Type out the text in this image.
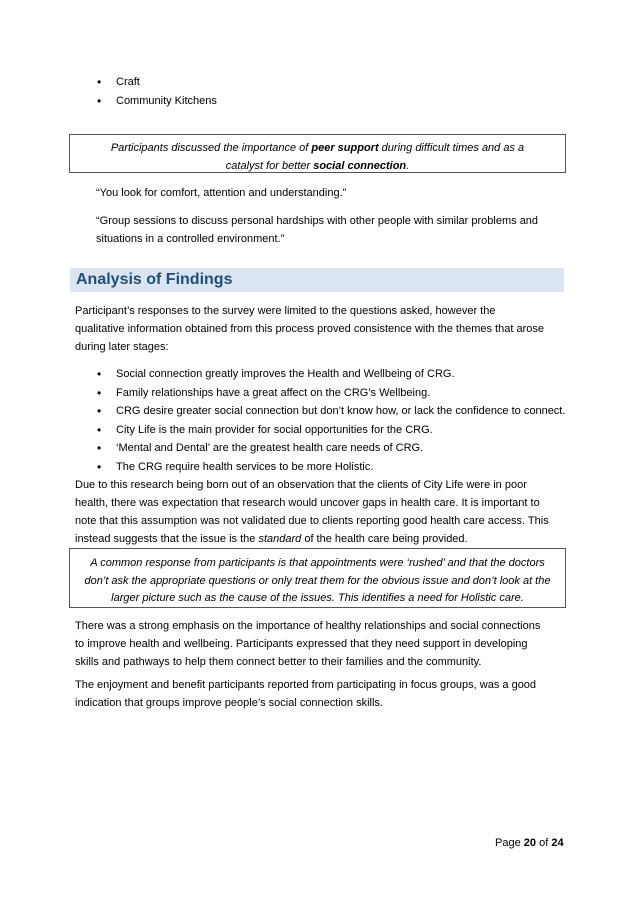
• Craft
• Community Kitchens
Participants discussed the importance of peer support during difficult times and as a catalyst for better social connection.

“You look for comfort, attention and understanding.”

“Group sessions to discuss personal hardships with other people with similar problems and situations in a controlled environment.”

Analysis of Findings

Participant’s responses to the survey were limited to the questions asked, however the qualitative information obtained from this process proved consistence with the themes that arose during later stages:

• Social connection greatly improves the Health and Wellbeing of CRG.
• Family relationships have a great affect on the CRG’s Wellbeing.
• CRG desire greater social connection but don’t know how, or lack the confidence to connect.
• City Life is the main provider for social opportunities for the CRG.
• ‘Mental and Dental’ are the greatest health care needs of CRG.
• The CRG require health services to be more Holistic.

Due to this research being born out of an observation that the clients of City Life were in poor health, there was expectation that research would uncover gaps in health care. It is important to note that this assumption was not validated due to clients reporting good health care access. This instead suggests that the issue is the standard of the health care being provided.

A common response from participants is that appointments were ‘rushed’ and that the doctors don’t ask the appropriate questions or only treat them for the obvious issue and don’t look at the larger picture such as the cause of the issues. This identifies a need for Holistic care.

There was a strong emphasis on the importance of healthy relationships and social connections to improve health and wellbeing. Participants expressed that they need support in developing skills and pathways to help them connect better to their families and the community.

The enjoyment and benefit participants reported from participating in focus groups, was a good indication that groups improve people’s social connection skills.

Page 20 of 24
